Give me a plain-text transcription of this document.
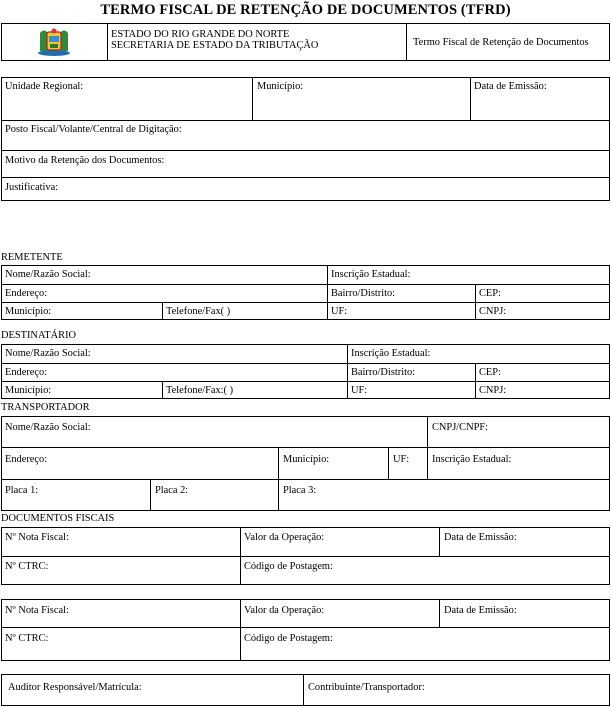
TERMO FISCAL DE RETENÇÃO DE DOCUMENTOS (TFRD)
ESTADO DO RIO GRANDE DO NORTE
SECRETARIA DE ESTADO DA TRIBUTAÇÃO	Termo Fiscal de Retenção de Documentos
Unidade Regional:	Município:	Data de Emissão:
Posto Fiscal/Volante/Central de Digitação:
Motivo da Retenção dos Documentos:
Justificativa:
REMETENTE
Nome/Razão Social:	Inscrição Estadual:
Endereço:	Bairro/Distrito:	CEP:
Município:	Telefone/Fax( )	UF:	CNPJ:
DESTINATÁRIO
Nome/Razão Social:	Inscrição Estadual:
Endereço:	Bairro/Distrito:	CEP:
Município:	Telefone/Fax:( )	UF:	CNPJ:
TRANSPORTADOR
Nome/Razão Social:	CNPJ/CNPF:
Endereço:	Município:	UF: Inscrição Estadual:
Placa 1:	Placa 2:	Placa 3:
DOCUMENTOS FISCAIS
Nº Nota Fiscal:	Valor da Operação:	Data de Emissão:
Nº CTRC:	Código de Postagem:
Nº Nota Fiscal:	Valor da Operação:	Data de Emissão:
Nº CTRC:	Código de Postagem:
Auditor Responsável/Matrícula:	Contribuinte/Transportador:
